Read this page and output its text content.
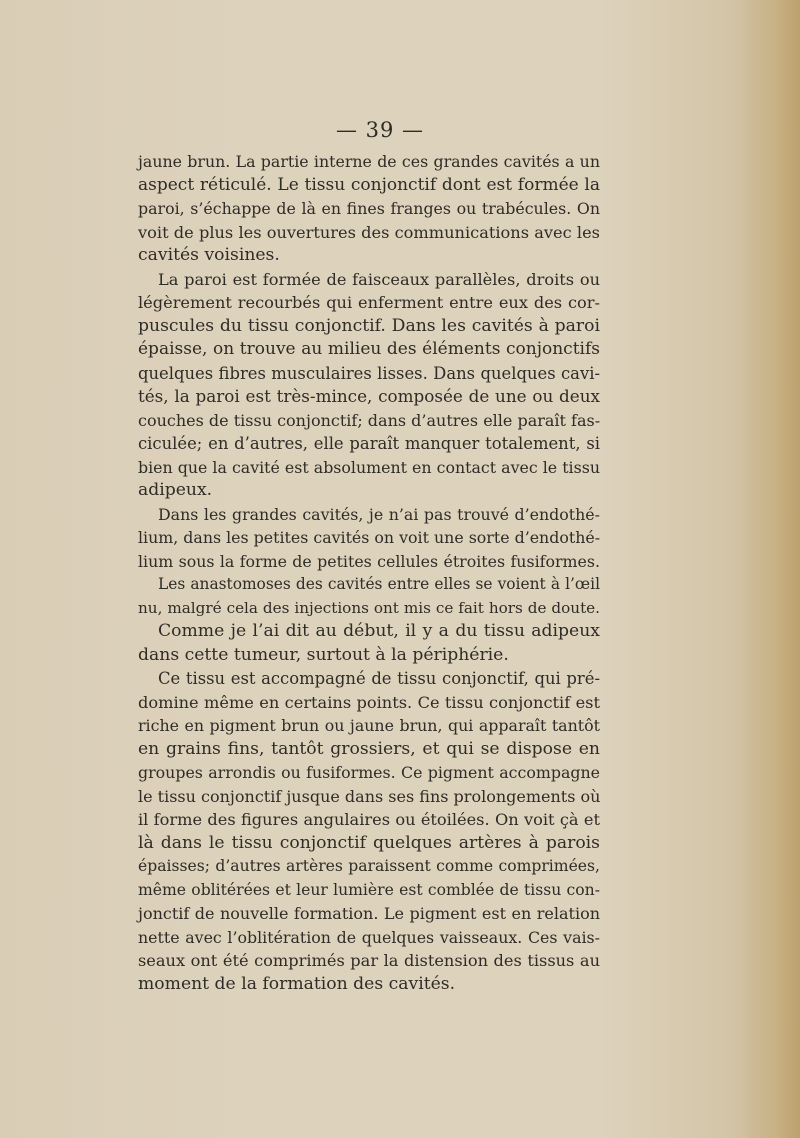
— 39 —
jaune brun. La partie interne de ces grandes cavités a un
aspect réticulé. Le tissu conjonctif dont est formée la
paroi, s’échappe de là en fines franges ou trabécules. On
voit de plus les ouvertures des communications avec les
cavités voisines.
La paroi est formée de faisceaux parallèles, droits ou
légèrement recourbés qui enferment entre eux des cor-
puscules du tissu conjonctif. Dans les cavités à paroi
épaisse, on trouve au milieu des éléments conjonctifs
quelques fibres musculaires lisses. Dans quelques cavi-
tés, la paroi est très-mince, composée de une ou deux
couches de tissu conjonctif; dans d’autres elle paraît fas-
ciculée; en d’autres, elle paraît manquer totalement, si
bien que la cavité est absolument en contact avec le tissu
adipeux.
Dans les grandes cavités, je n’ai pas trouvé d’endothé-
lium, dans les petites cavités on voit une sorte d’endothé-
lium sous la forme de petites cellules étroites fusiformes.
Les anastomoses des cavités entre elles se voient à l’œil
nu, malgré cela des injections ont mis ce fait hors de doute.
Comme je l’ai dit au début, il y a du tissu adipeux
dans cette tumeur, surtout à la périphérie.
Ce tissu est accompagné de tissu conjonctif, qui pré-
domine même en certains points. Ce tissu conjonctif est
riche en pigment brun ou jaune brun, qui apparaît tantôt
en grains fins, tantôt grossiers, et qui se dispose en
groupes arrondis ou fusiformes. Ce pigment accompagne
le tissu conjonctif jusque dans ses fins prolongements où
il forme des figures angulaires ou étoilées. On voit çà et
là dans le tissu conjonctif quelques artères à parois
épaisses; d’autres artères paraissent comme comprimées,
même oblitérées et leur lumière est comblée de tissu con-
jonctif de nouvelle formation. Le pigment est en relation
nette avec l’oblitération de quelques vaisseaux. Ces vais-
seaux ont été comprimés par la distension des tissus au
moment de la formation des cavités.
